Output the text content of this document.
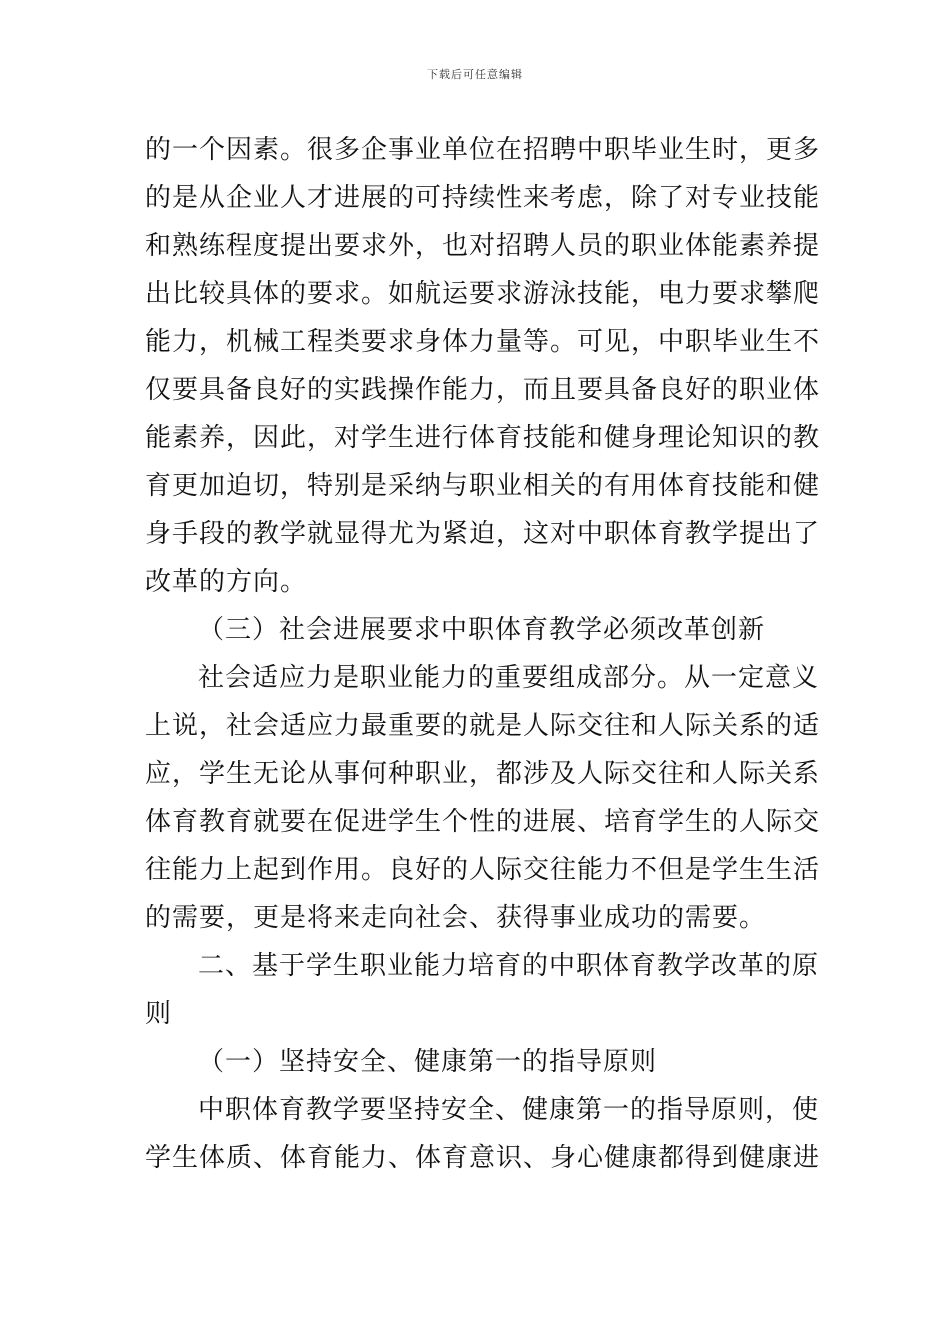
下载后可任意编辑
的一个因素。很多企事业单位在招聘中职毕业生时，更多
的是从企业人才进展的可持续性来考虑，除了对专业技能
和熟练程度提出要求外，也对招聘人员的职业体能素养提
出比较具体的要求。如航运要求游泳技能，电力要求攀爬
能力，机械工程类要求身体力量等。可见，中职毕业生不
仅要具备良好的实践操作能力，而且要具备良好的职业体
能素养，因此，对学生进行体育技能和健身理论知识的教
育更加迫切，特别是采纳与职业相关的有用体育技能和健
身手段的教学就显得尤为紧迫，这对中职体育教学提出了
改革的方向。
（三）社会进展要求中职体育教学必须改革创新
社会适应力是职业能力的重要组成部分。从一定意义
上说，社会适应力最重要的就是人际交往和人际关系的适
应，学生无论从事何种职业，都涉及人际交往和人际关系
体育教育就要在促进学生个性的进展、培育学生的人际交
往能力上起到作用。良好的人际交往能力不但是学生生活
的需要，更是将来走向社会、获得事业成功的需要。
二、基于学生职业能力培育的中职体育教学改革的原
则
（一）坚持安全、健康第一的指导原则
中职体育教学要坚持安全、健康第一的指导原则，使
学生体质、体育能力、体育意识、身心健康都得到健康进
